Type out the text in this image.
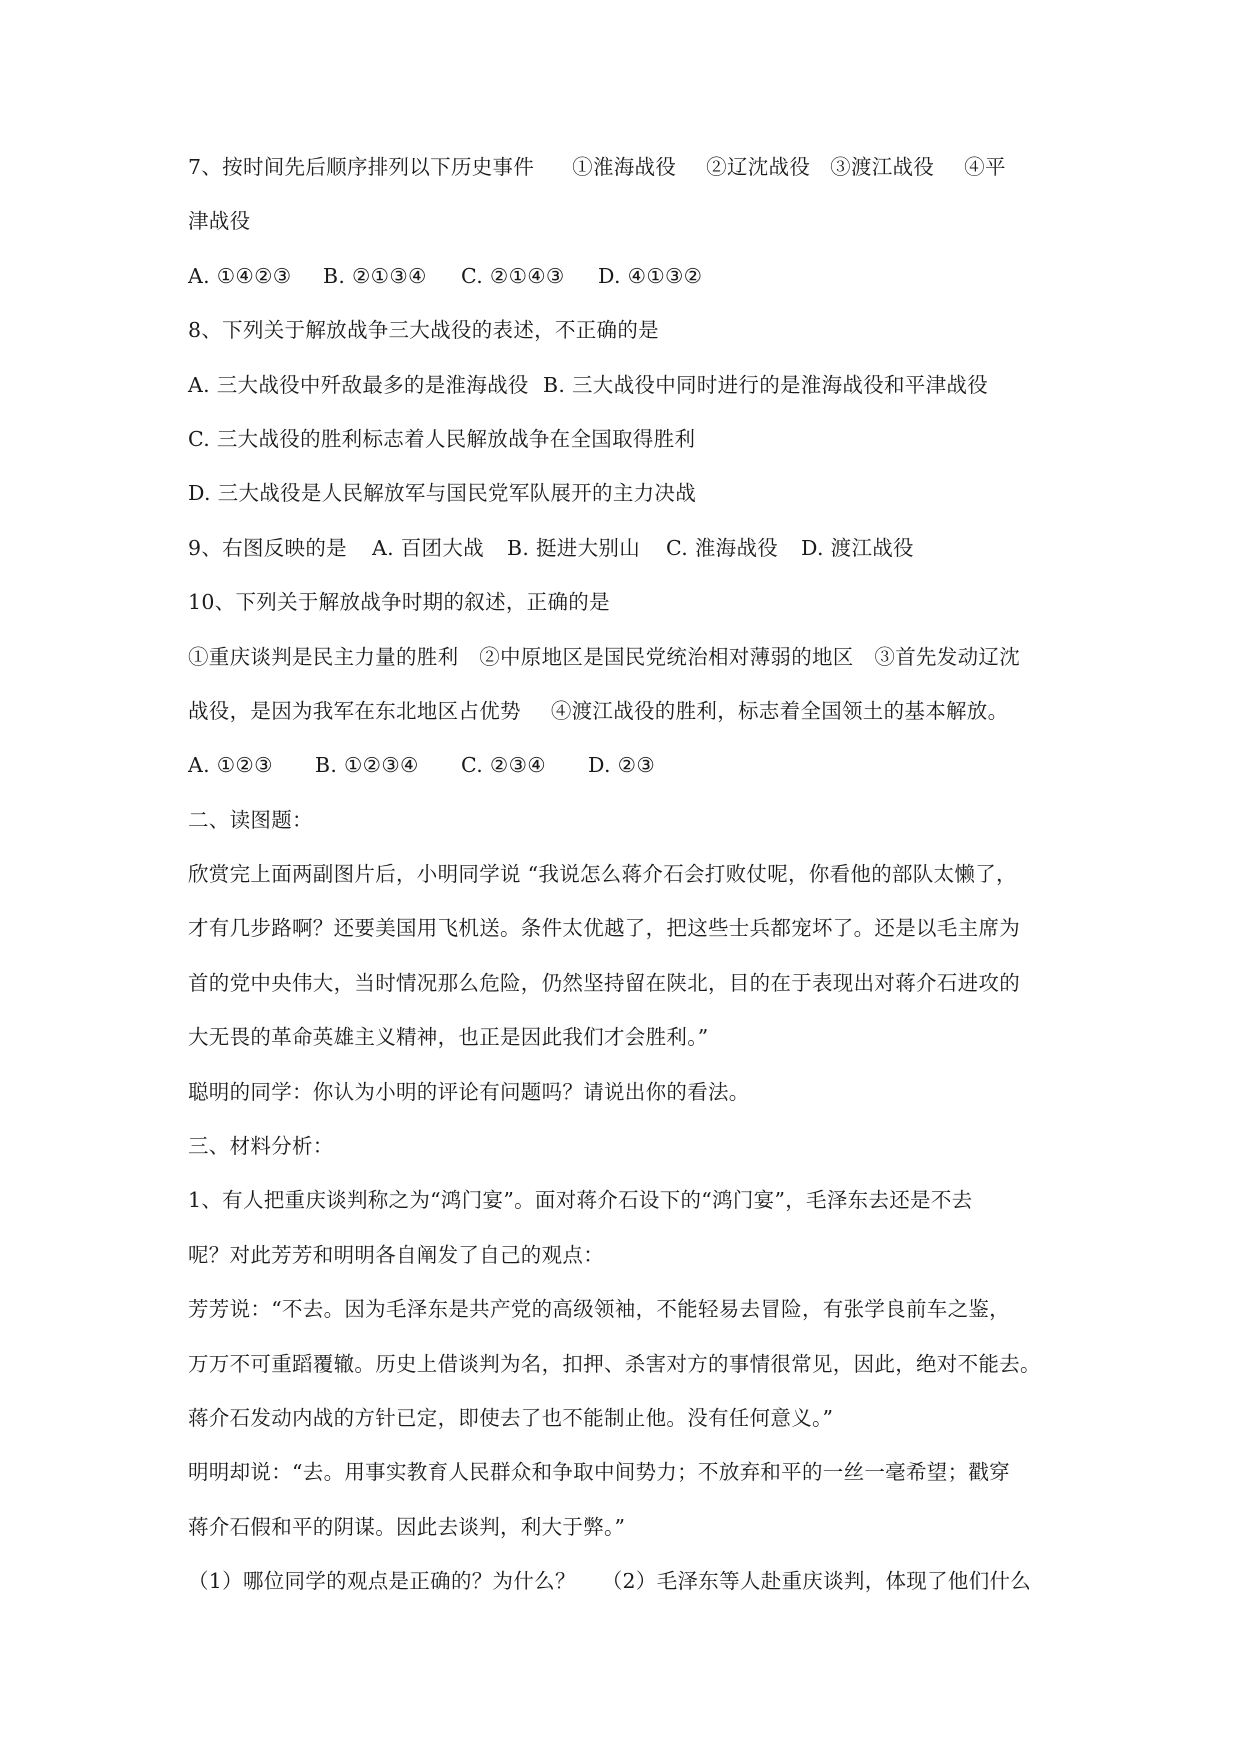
7、按时间先后顺序排列以下历史事件 ①淮海战役 ②辽沈战役 ③渡江战役 ④平
津战役
A. ①④②③ B. ②①③④ C. ②①④③ D. ④①③②
8、下列关于解放战争三大战役的表述，不正确的是
A. 三大战役中歼敌最多的是淮海战役 B. 三大战役中同时进行的是淮海战役和平津战役
C. 三大战役的胜利标志着人民解放战争在全国取得胜利
D. 三大战役是人民解放军与国民党军队展开的主力决战
9、右图反映的是 A. 百团大战 B. 挺进大别山 C. 淮海战役 D. 渡江战役
10、下列关于解放战争时期的叙述，正确的是
①重庆谈判是民主力量的胜利　②中原地区是国民党统治相对薄弱的地区　③首先发动辽沈
战役，是因为我军在东北地区占优势 ④渡江战役的胜利，标志着全国领土的基本解放。
A. ①②③ B. ①②③④ C. ②③④ D. ②③
二、读图题：
欣赏完上面两副图片后，小明同学说 “我说怎么蒋介石会打败仗呢，你看他的部队太懒了，
才有几步路啊？还要美国用飞机送。条件太优越了，把这些士兵都宠坏了。还是以毛主席为
首的党中央伟大，当时情况那么危险，仍然坚持留在陕北，目的在于表现出对蒋介石进攻的
大无畏的革命英雄主义精神，也正是因此我们才会胜利。”
聪明的同学：你认为小明的评论有问题吗？请说出你的看法。
三、材料分析：
1、有人把重庆谈判称之为“鸿门宴”。面对蒋介石设下的“鸿门宴”，毛泽东去还是不去
呢？对此芳芳和明明各自阐发了自己的观点：
芳芳说：“不去。因为毛泽东是共产党的高级领袖，不能轻易去冒险，有张学良前车之鉴，
万万不可重蹈覆辙。历史上借谈判为名，扣押、杀害对方的事情很常见，因此，绝对不能去。
蒋介石发动内战的方针已定，即使去了也不能制止他。没有任何意义。”
明明却说：“去。用事实教育人民群众和争取中间势力；不放弃和平的一丝一毫希望；戳穿
蒋介石假和平的阴谋。因此去谈判，利大于弊。”
（1）哪位同学的观点是正确的？为什么？ （2）毛泽东等人赴重庆谈判，体现了他们什么
